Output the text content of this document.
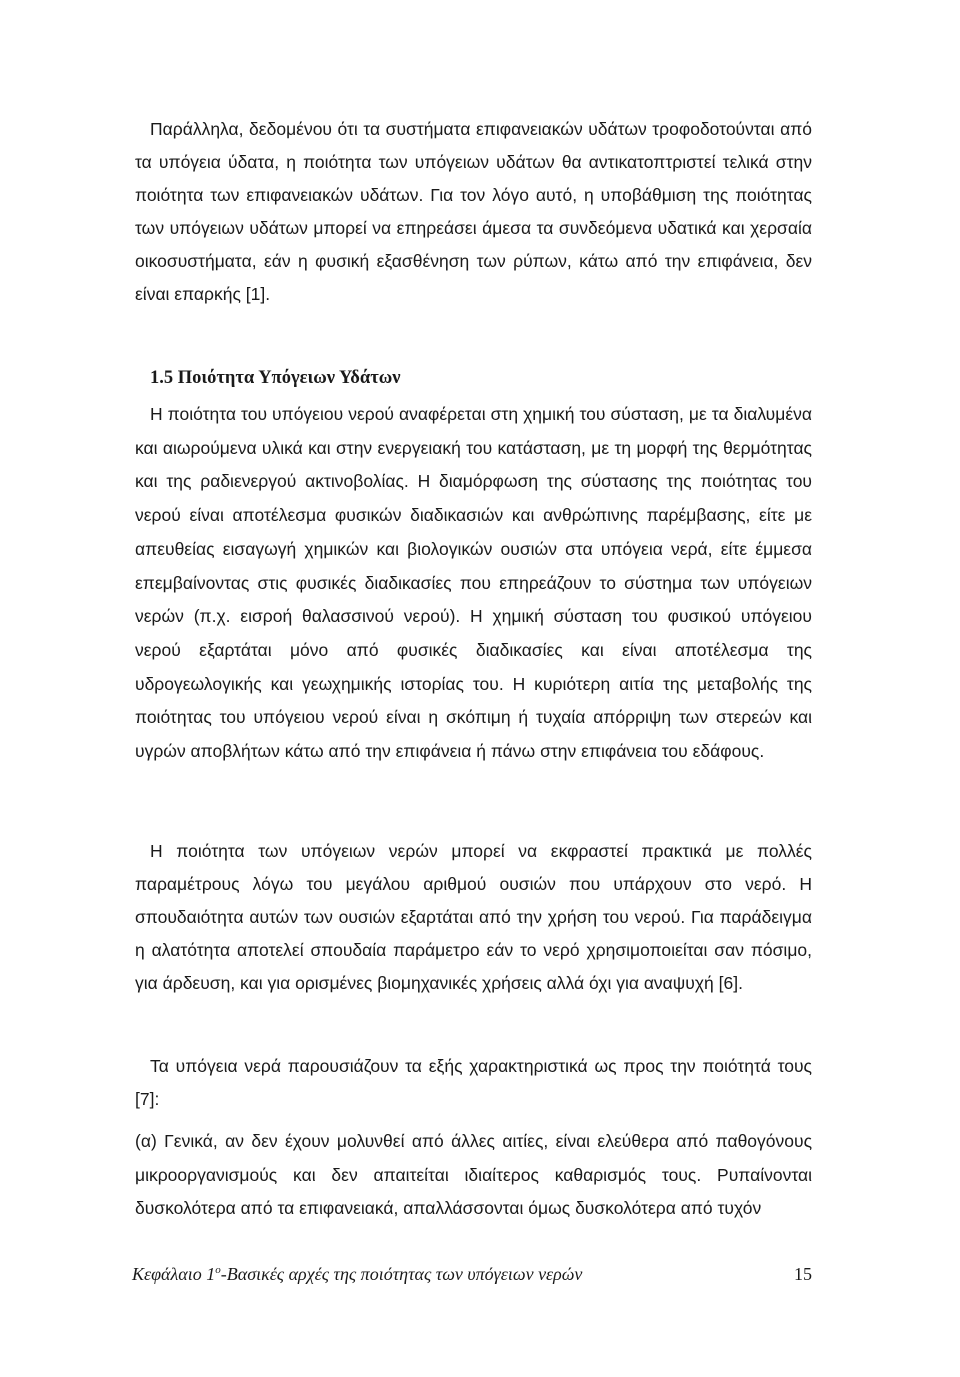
Παράλληλα, δεδομένου ότι τα συστήματα επιφανειακών υδάτων τροφοδοτούνται από τα υπόγεια ύδατα, η ποιότητα των υπόγειων υδάτων θα αντικατοπτριστεί τελικά στην ποιότητα των επιφανειακών υδάτων. Για τον λόγο αυτό, η υποβάθμιση της ποιότητας των υπόγειων υδάτων μπορεί να επηρεάσει άμεσα τα συνδεόμενα υδατικά και χερσαία οικοσυστήματα, εάν η φυσική εξασθένηση των ρύπων, κάτω από την επιφάνεια, δεν είναι επαρκής [1].

1.5 Ποιότητα Υπόγειων Υδάτων

Η ποιότητα του υπόγειου νερού αναφέρεται στη χημική του σύσταση, με τα διαλυμένα και αιωρούμενα υλικά και στην ενεργειακή του κατάσταση, με τη μορφή της θερμότητας και της ραδιενεργού ακτινοβολίας. Η διαμόρφωση της σύστασης της ποιότητας του νερού είναι αποτέλεσμα φυσικών διαδικασιών και ανθρώπινης παρέμβασης, είτε με απευθείας εισαγωγή χημικών και βιολογικών ουσιών στα υπόγεια νερά, είτε έμμεσα επεμβαίνοντας στις φυσικές διαδικασίες που επηρεάζουν το σύστημα των υπόγειων νερών (π.χ. εισροή θαλασσινού νερού). Η χημική σύσταση του φυσικού υπόγειου νερού εξαρτάται μόνο από φυσικές διαδικασίες και είναι αποτέλεσμα της υδρογεωλογικής και γεωχημικής ιστορίας του. Η κυριότερη αιτία της μεταβολής της ποιότητας του υπόγειου νερού είναι η σκόπιμη ή τυχαία απόρριψη των στερεών και υγρών αποβλήτων κάτω από την επιφάνεια ή πάνω στην επιφάνεια του εδάφους.

Η ποιότητα των υπόγειων νερών μπορεί να εκφραστεί πρακτικά με πολλές παραμέτρους λόγω του μεγάλου αριθμού ουσιών που υπάρχουν στο νερό. Η σπουδαιότητα αυτών των ουσιών εξαρτάται από την χρήση του νερού. Για παράδειγμα η αλατότητα αποτελεί σπουδαία παράμετρο εάν το νερό χρησιμοποιείται σαν πόσιμο, για άρδευση, και για ορισμένες βιομηχανικές χρήσεις αλλά όχι για αναψυχή [6].

Τα υπόγεια νερά παρουσιάζουν τα εξής χαρακτηριστικά ως προς την ποιότητά τους [7]:

(α) Γενικά, αν δεν έχουν μολυνθεί από άλλες αιτίες, είναι ελεύθερα από παθογόνους μικροοργανισμούς και δεν απαιτείται ιδιαίτερος καθαρισμός τους. Ρυπαίνονται δυσκολότερα από τα επιφανειακά, απαλλάσσονται όμως δυσκολότερα από τυχόν

Κεφάλαιο $1^o$-Βασικές αρχές της ποιότητας των υπόγειων νερών	15
